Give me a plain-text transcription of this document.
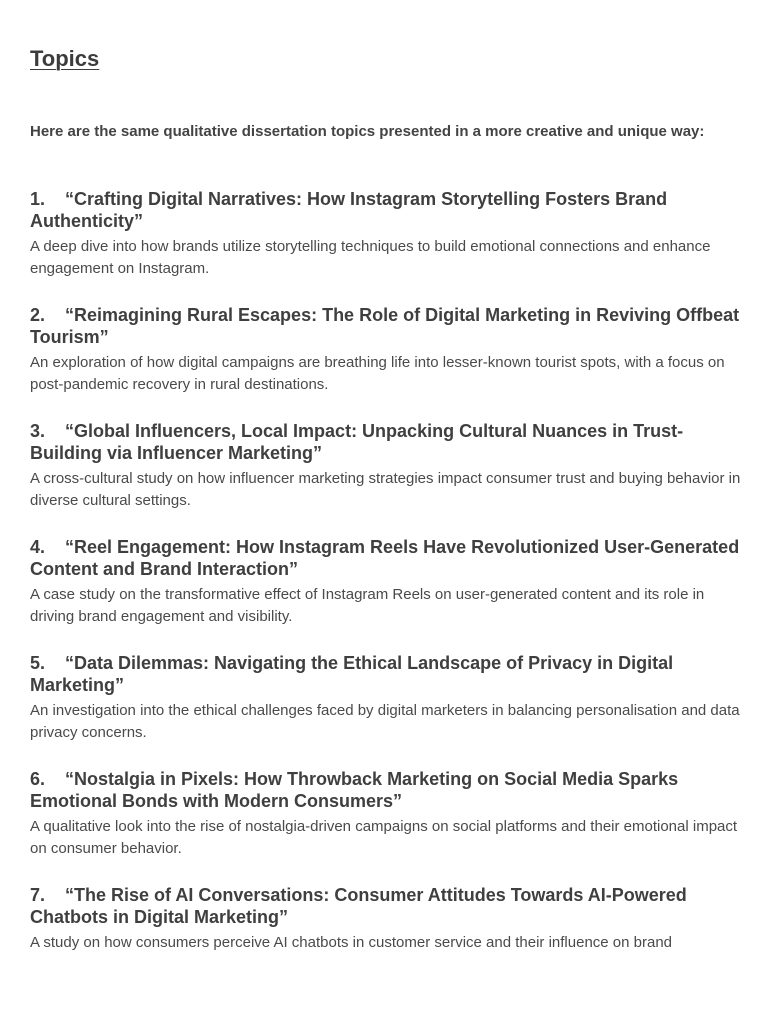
Topics

Here are the same qualitative dissertation topics presented in a more creative and unique way:

1. “Crafting Digital Narratives: How Instagram Storytelling Fosters Brand Authenticity”

A deep dive into how brands utilize storytelling techniques to build emotional connections and enhance engagement on Instagram.

2. “Reimagining Rural Escapes: The Role of Digital Marketing in Reviving Offbeat Tourism”

An exploration of how digital campaigns are breathing life into lesser-known tourist spots, with a focus on post-pandemic recovery in rural destinations.

3. “Global Influencers, Local Impact: Unpacking Cultural Nuances in Trust-Building via Influencer Marketing”

A cross-cultural study on how influencer marketing strategies impact consumer trust and buying behavior in diverse cultural settings.

4. “Reel Engagement: How Instagram Reels Have Revolutionized User-Generated Content and Brand Interaction”

A case study on the transformative effect of Instagram Reels on user-generated content and its role in driving brand engagement and visibility.

5. “Data Dilemmas: Navigating the Ethical Landscape of Privacy in Digital Marketing”

An investigation into the ethical challenges faced by digital marketers in balancing personalisation and data privacy concerns.

6. “Nostalgia in Pixels: How Throwback Marketing on Social Media Sparks Emotional Bonds with Modern Consumers”

A qualitative look into the rise of nostalgia-driven campaigns on social platforms and their emotional impact on consumer behavior.

7. “The Rise of AI Conversations: Consumer Attitudes Towards AI-Powered Chatbots in Digital Marketing”

A study on how consumers perceive AI chatbots in customer service and their influence on brand
